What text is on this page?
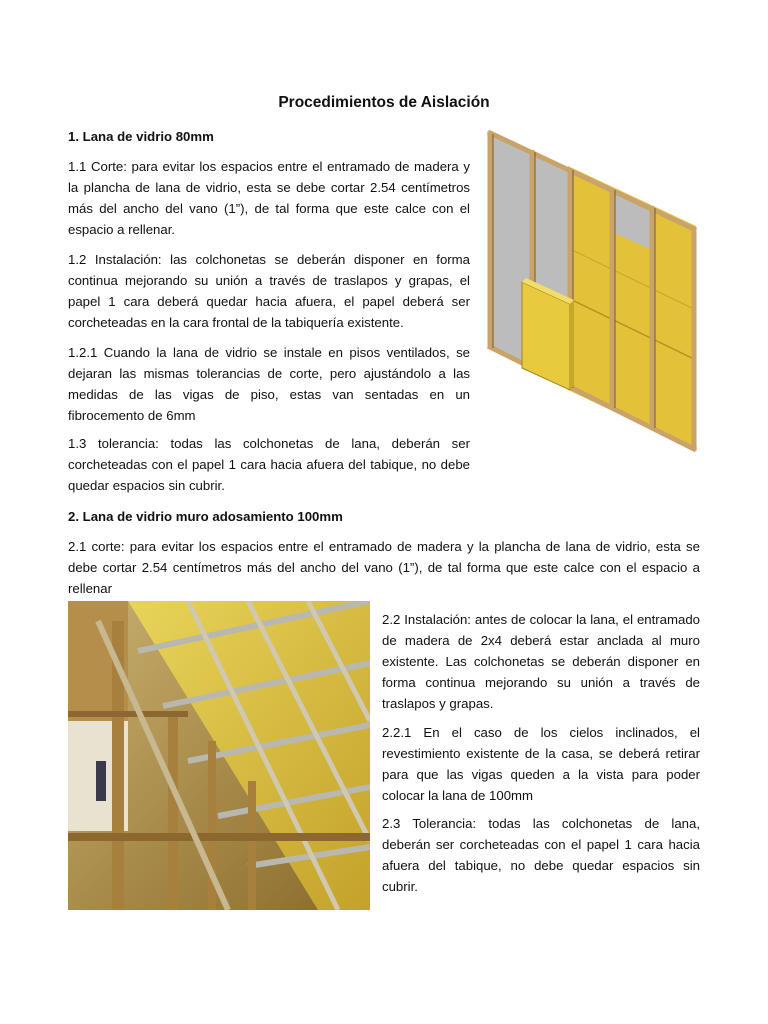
Procedimientos de Aislación
1. Lana de vidrio 80mm
1.1 Corte: para evitar los espacios entre el entramado de madera y la plancha de lana de vidrio, esta se debe cortar 2.54 centímetros más del ancho del vano (1”), de tal forma que este calce con el espacio a rellenar.
1.2 Instalación: las colchonetas se deberán disponer en forma continua mejorando su unión a través de traslapos y grapas, el papel 1 cara deberá quedar hacia afuera, el papel deberá ser corcheteadas en la cara frontal de la tabiquería existente.
1.2.1 Cuando la lana de vidrio se instale en pisos ventilados, se dejaran las mismas tolerancias de corte, pero ajustándolo a las medidas de las vigas de piso, estas van sentadas en un fibrocemento de 6mm
1.3 tolerancia: todas las colchonetas de lana, deberán ser corcheteadas con el papel 1 cara hacia afuera del tabique, no debe quedar espacios sin cubrir.
2. Lana de vidrio muro adosamiento 100mm
2.1 corte: para evitar los espacios entre el entramado de madera y la plancha de lana de vidrio, esta se debe cortar 2.54 centímetros más del ancho del vano (1”), de tal forma que este calce con el espacio a rellenar
2.2 Instalación: antes de colocar la lana, el entramado de madera de 2x4 deberá estar anclada al muro existente. Las colchonetas se deberán disponer en forma continua mejorando su unión a través de traslapos y grapas.
2.2.1 En el caso de los cielos inclinados, el revestimiento existente de la casa, se deberá retirar para que las vigas queden a la vista para poder colocar la lana de 100mm
2.3 Tolerancia: todas las colchonetas de lana, deberán ser corcheteadas con el papel 1 cara hacia afuera del tabique, no debe quedar espacios sin cubrir.
